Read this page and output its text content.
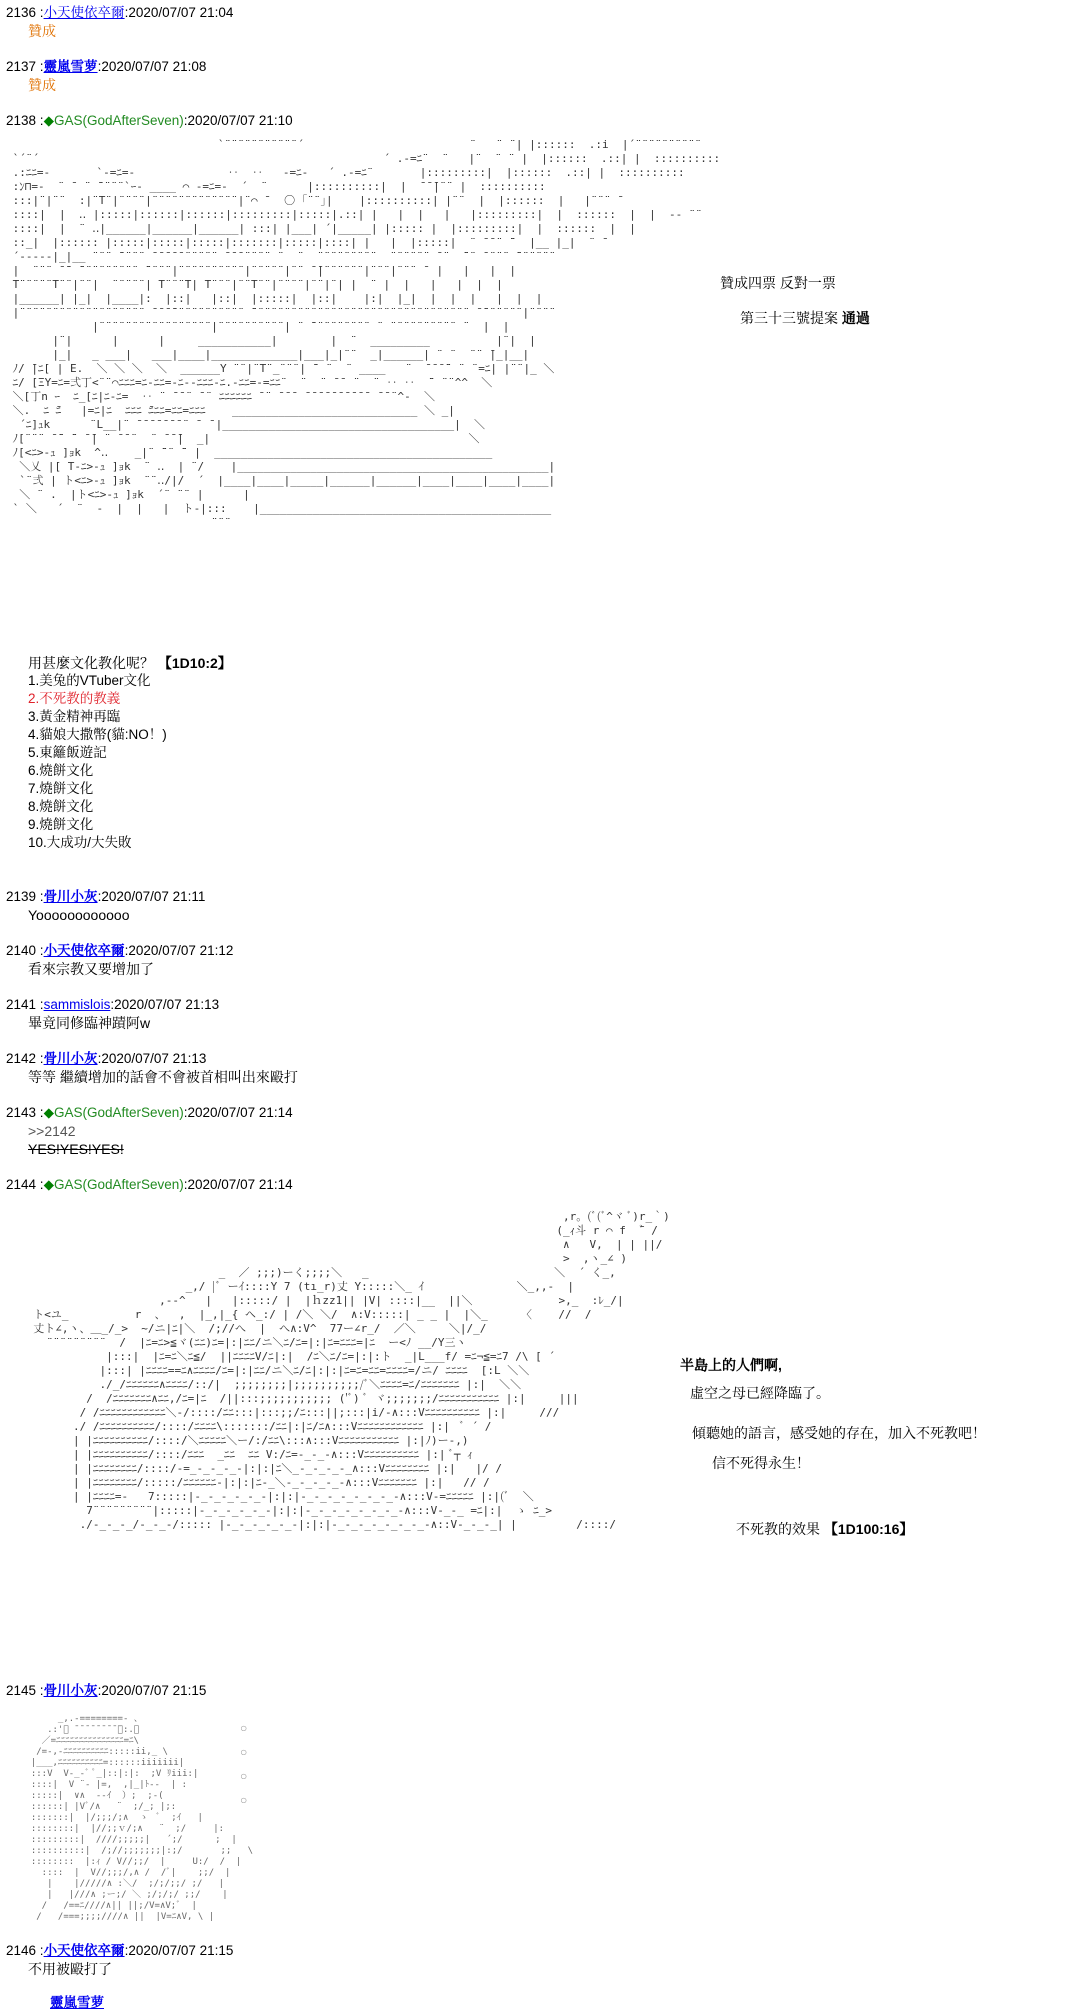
2136 :小天使依卒爾:2020/07/07 21:04
贊成
2137 :靈嵐雪萝:2020/07/07 21:08
贊成
2138 :◆GAS(GodAfterSeven):2020/07/07 21:10
`¨¨¨¨¨¨¨¨¨¨¨´                         ¨   ¨ ¨| |::::::  .:i  |´¨¨¨¨¨¨¨¨¨¨
`´¨´                                                    ´ .-=ﾆ¨  ¨   |¨  ¨ ¨ |  |::::::  .::| |  ::::::::::
.:ﾆﾆ=-       `-=ﾆ=-              ‥  ‥   -=ﾆ-   ´ .-=ﾆ¨       |:::::::::|  |::::::  .::| |  ::::::::::
:ﾝ⊓=-  ¨ ̄  ¨ ̄¨¨¨¨`ｰ- ____ ⌒ -=ﾆ=-  ´  ¨      |::::::::::|  |  ̄ ̄ ̄|¨¨ |  ::::::::::
:::|¨|¨¨  :|¨T¨|¨¨¨¨|¨¨¨¨¨¨¨¨¨¨¨¨¨|¨⌒ ̄   〇 ｢¨¨｣|    |::::::::::| |¨¨  |  |::::::  |   |¨¨¨ ̄
::::|  |  ‥ |:::::|::::::|::::::|:::::::::|:::::|.::| |   |  |   |   |:::::::::|  |  ::::::  |  |  -- ¨¨
::::|  |  ¨ ‥|______|______|______| :::| |___| ´|_____| |::::: |  |:::::::::|  |  ::::::  |  |
::_|  |:::::: |:::::|:::::|:::::|:::::::|:::::|::::| |   |  |:::::|  ¨ ̄ ̄ ¨ ̄¨  |__ |_|  ¨ ̄
´-----|_|__ ¨¨¨ ̄¨¨¨¨ ̄ ̄ ̄ ̄ ̄ ¨¨¨¨¨ ̄ ̄ ̄ ¨¨¨¨ ¨  ¨  ¨¨¨¨¨¨¨¨¨  ¨¨¨¨¨¨ ̄ ¨  ̄¨¨ ̄ ¨¨¨ ̄¨¨¨¨¨¨
|  ¨¨¨ ̄ ̄¨ ̄¨¨¨¨¨¨¨¨¨ ̄¨¨¨¨|¨¨¨¨¨¨¨¨¨¨|¨¨¨¨¨|¨¨ ̄ ̄|¨¨¨¨¨¨|¨¨¨|¨¨¨ ̄  |   |   |  |
T¨¨¨¨¨T¨¨|¨¨|  ¨¨¨¨¨| T¨¨¨T| T¨¨¨|¨¨T¨¨|¨¨¨¨|¨¨|¨| |  ¨ |  |   |   |  |  |
|______| |_|  |____|:  |::|   |::|  |:::::|  |::|    |:|  |_|  |  |  |   |  |  |
|¨¨¨¨¨¨¨¨¨¨¨¨¨¨¨¨¨¨¨ ̄ ̄ ̄ ̄¨¨¨¨¨¨¨¨¨¨¨ ̄¨¨¨¨¨¨¨¨¨¨¨¨¨¨¨¨¨¨¨¨¨¨¨¨¨¨¨¨¨¨¨¨¨ ̄ ̄¨¨¨¨¨¨|¨¨¨¨
|¨¨¨¨¨¨¨¨¨¨¨¨¨¨¨¨¨|¨¨¨¨¨¨¨¨¨¨| ¨ ̄¨¨¨¨¨¨¨¨¨ ¨ ¨¨¨¨¨¨¨¨¨¨ ¨  |  |
|¨|      |      |     ___________|        |  ¨  _________          |¨|  |
|_|   _ ___|   ___|____|_____________|___|_|¨¨  _|______| ¨ ¨  ¨¨ ̄|_|__|
ﾉ/ ̄|ﾆ[ | E.  ＼ ＼ ＼  ＼  ______Y ¨¨|¨T¨_¨¨¨| ̄¨ ¨  ¨ ____   ¨  ̄ ̄ ̄ ̄¨ ¨ ¨=ﾆ| |¨¨|_ ＼
ﾆ/ [ΞY=ﾆ=弍丁<¨¨⌒ﾆﾆﾆ=ﾆ-ﾆﾆ=-ﾆ--ﾆﾆﾆ-ﾆ.-ﾆﾆ=-=ﾆﾆ¨  ¨  ¨ ̄ ̄  ¨  ¨ ‥ ‥  ̄¨ ¨¨^^  ＼
＼[丁n ｰ  ﾆ_[ﾆ|ﾆ-ﾆ=  ‥ ¨ ̄ ̄ ¨ ̄ ¨ ﾆﾆﾆﾆﾆﾆ ̄ ¨ ̄ ̄ ̄  ̄ ̄ ̄ ̄ ̄ ̄ ̄ ̄ ̄ ̄  ̄ ̄ ¨^-  ＼
＼.  ﾆ ̄ﾆ   |=ﾆ|ﾆ  ﾆﾆﾆ ̄ﾆﾆﾆ=ﾆﾆ=ﾆﾆﾆ    ____________________________ ＼ _|
´ﾆ]ｭk      ¨L__|¨ ̄ ̄ ̄ ̄ ̄ ̄ ̄ ¨ ̄  ̄ |___________________________________|  ＼
ﾉ[¨¨¨ ̄ ̄¨ ̄¨ ̄ ̄| ¨ ̄ ̄ ¨  ¨ ̄ ̄ ̄|  _|                                       ＼
ﾉ[<ﾆ>-ｭ ]ｮk  ^‥    _|¨ ̄¨¨ ̄¨ |  __________________________________________
＼乂 |[ T-ﾆ>-ｭ ]ｮk  ¨ ‥  | ¨/    |_______________________________________________|
`¨弍 | ト<ﾆ>-ｭ ]ｮk  ¨¨‥/|/  ´  |____|____|_____|______|______|____|____|____|____|
＼ ¨ .  |ト<ﾆ>-ｭ ]ｮk  ´¨ ¨¨ |      |
` ＼   ´  ¨  -  |  |   |  ト-|:::    |____________________________________________
¨¨¨
贊成四票 反對一票
第三十三號提案 通過
用甚麼文化教化呢？ 【1D10:2】
1.美兔的VTuber文化
2.不死教的教義
3.黃金精神再臨
4.貓娘大撒幣(貓:NO！)
5.東籬飯遊記
6.燒餅文化
7.燒餅文化
8.燒餅文化
9.燒餅文化
10.大成功/大失敗
2139 :骨川小灰:2020/07/07 21:11
Yoooooooooooo
2140 :小天使依卒爾:2020/07/07 21:12
看來宗教又要增加了
2141 :sammislois:2020/07/07 21:13
畢竟同修臨神蹟阿w
2142 :骨川小灰:2020/07/07 21:13
等等 繼續增加的話會不會被首相叫出來毆打
2143 :◆GAS(GodAfterSeven):2020/07/07 21:14
>>2142
YES!YES!YES!
2144 :◆GAS(GodAfterSeven):2020/07/07 21:14
,r。(ﾞ(ﾞ^ヾ ﾞ)r_｀)
(_ｨ斗 r ⌒ f  ̄ﾞ /
∧   V,  | | ||/
>  ,ヽ_∠ )
_  ／ ;;;)ーく;;;;＼   _                            ＼  ´ く_,
_,/ |ﾞ ーｲ::::Y 7 (tı_r)丈 Y:::::＼_ ｲ              ＼_,,-  |
,--^   |   |:::::/ |  |ｈzz1|| |V| ::::|__  ||＼             >,_  :ﾚ_/|
ト<ユ_          r  、  ,  |_,|_{ ヘ_:/ | /＼ ＼/  ∧:V:::::| _ _ |  |＼_     〈    //  /
丈ト∠,ヽ、＿_/_>  ~/ニ|ﾆ|＼  /;//へ  |  へ∧:V^  77ー∠r_/  ／＼     ＼|/_/
¨¨¨¨¨¨¨¨¨  /  |ﾆ=ﾆ>≦ヾ(ﾆﾆ)ﾆ=|:|ﾆﾆ/ニ＼ﾆ/ﾆ=|:|ﾆ=ﾆﾆﾆ=|ﾆ  ー<ﾉ __/Y三ヽ
|:::|  |ﾆ=ﾆ＼ﾆ≦/  ||ﾆﾆﾆﾆV/ﾆ|:|  /ﾆ＼ﾆ/ﾆ=|:|:ト  _|L___f/ =ﾆ¬≦=ﾆ7 /\ [ ´
|:::| |ﾆﾆﾆﾆ==ﾆ∧ﾆﾆﾆﾆ/ﾆ=|:|ﾆﾆ/ニ＼ﾆ/ﾆ|:|:|ﾆ=ﾆ=ﾆﾆ=ﾆﾆﾆﾆ=/ニ/ ﾆﾆﾆﾆ  [:L ＼＼
./_/ﾆﾆﾆﾆﾆﾆ∧ﾆﾆﾆﾆ/::/|  ;;;;;;;;|;;;;;;;;;;/ﾞ＼ﾆﾆﾆﾆ=ﾆ/ﾆﾆﾆﾆﾆﾆﾆ |:|  ＼＼
/  /ﾆﾆﾆﾆﾆﾆﾆ∧ﾆﾆ,/ﾆ=|ﾆ  /||:::;;;;;;;;;;; ('ﾞ) ﾞ ヾ;;;;;;;/ﾆﾆﾆﾆﾆﾆﾆﾆﾆﾆﾆ |:|     |||
/ /ﾆﾆﾆﾆﾆﾆﾆﾆﾆﾆﾆﾆ＼-/::::/ﾆﾆ:::|:::;;/ﾆ:::||;:::|i/-∧:::Vﾆﾆﾆﾆﾆﾆﾆﾆﾆﾆ |:|     ///
./ /ﾆﾆﾆﾆﾆﾆﾆﾆﾆﾆ/::::/ﾆﾆﾆﾆ\:::::::/ﾆﾆ|:|ﾆ/ﾆ∧:::Vﾆﾆﾆﾆﾆﾆﾆﾆﾆﾆﾆﾆ |:|  ﾞ ´ /
| |ﾆﾆﾆﾆﾆﾆﾆﾆﾆﾆ/::::/＼ﾆﾆﾆﾆﾆ＼ー/:/ﾆﾆ\:::∧:::Vﾆﾆﾆﾆﾆﾆﾆﾆﾆﾆﾆ |:|ﾉ)ー-,)
| |ﾆﾆﾆﾆﾆﾆﾆﾆﾆﾆ/::::/ﾆﾆﾆ  _ﾆﾆ  ﾆﾆ V:/ﾆ=-_-_-∧:::Vﾆﾆﾆﾆﾆﾆﾆﾆﾆﾆ |:| ﾞ┬ ｨ
| |ﾆﾆﾆﾆﾆﾆﾆﾆ/::::/-=_-_-_-_-|:|:|ﾆ＼_-_-_-_-_∧:::Vﾆﾆﾆﾆﾆﾆﾆﾆ |:|   |/ /
| |ﾆﾆﾆﾆﾆﾆﾆﾆ/:::::/ﾆﾆﾆﾆﾆﾆ-|:|:|ﾆ-_＼-_-_-_-_-∧:::Vﾆﾆﾆﾆﾆﾆﾆ |:|   // /
| |ﾆﾆﾆﾆ=-   7:::::|-_-_-_-_-_-|:|:|-_-_-_-_-_-_-_-∧:::V-=ﾆﾆﾆﾆﾆ |:|(ﾞ  ＼
7¨¨¨¨¨¨¨¨¨|:::::|-_-_-_-_-_-|:|:|-_-_-_-_-_-_-_-∧:::V-_-_ =ﾆ|:|  ゝ ﾆ_>
./-_-_-_/-_-_-/::::: |-_-_-_-_-_-|:|:|-_-_-_-_-_-_-_-∧::V-_-_-_| |         /::::/
半島上的人們啊,
虛空之母已經降臨了。
傾聽她的語言，感受她的存在，加入不死教吧！
信不死得永生！
不死教的效果 【1D100:16】
2145 :骨川小灰:2020/07/07 21:15
_,.-========- 、
.:'ﾞ ̄ ̄ ̄ ̄ ̄ ̄ ̄ ̄ ̄ﾞ:.、
／=ﾆﾆﾆﾆﾆﾆﾆﾆﾆﾆﾆﾆﾆﾆﾆ=ﾆ\
/=-,-ﾆﾆﾆﾆﾆﾆﾆﾆﾆﾆ:::::ii,_ \
|___,ﾆﾆﾆﾆﾆﾆﾆﾆﾆﾆ=::::::iiiiiii|
:::V  V-_-ﾞ ﾟ_|::|:|:  ;V ﾘiii:|
::::|  V ¨- |=,  ,|_|ﾄ--  | :
:::::|  ∨∧  --ｲ  ）;  ;-(
::::::| |Vﾞ/∧   ¨  ;/_; |;:
:::::::|  |/;;;/;∧  ゝ  ﾞ  ;ｲ   |
::::::::|  |//;;ｖ/;∧   ¨  ;/     |:
:::::::::|  ////;;;;;|   ´;/      ;  |
::::::::::|  /;//;;;;;;;|:;/       ;;   \
::::::::  |:ｨ / V//;;/  |     U:/  /  |
::::  |  V//;;;/,∧ /  /ﾞ|    ;;/  |
|    |/////∧ :＼/  ;/;/;;/ ;/   |
|   |///∧ ;ー;/ ＼ ;/;/;/ ;;/    |
/   /==ﾆ////∧|| ||;/V=∧V;ﾞ  |
/   /===;;;;////∧ ||  |V=ﾆ∧V, \ |
○
○
○
○
2146 :小天使依卒爾:2020/07/07 21:15
不用被毆打了
靈嵐雪萝
